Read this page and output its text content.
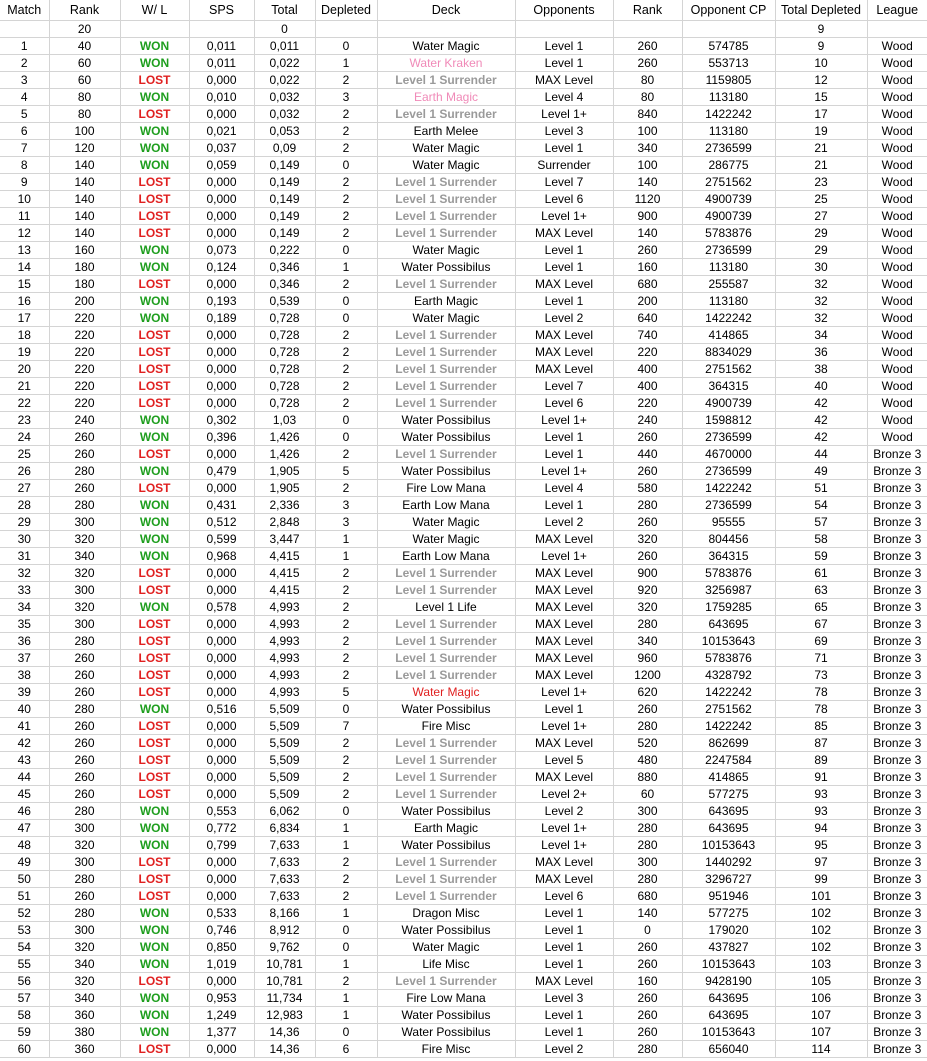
Match	Rank	W/ L	SPS	Total	Depleted	Deck	Opponents	Rank	Opponent CP	Total Depleted	League
	20			0						9	
1	40	WON	0,011	0,011	0	Water Magic	Level 1	260	574785	9	Wood
2	60	WON	0,011	0,022	1	Water Kraken	Level 1	260	553713	10	Wood
3	60	LOST	0,000	0,022	2	Level 1 Surrender	MAX Level	80	1159805	12	Wood
4	80	WON	0,010	0,032	3	Earth Magic	Level 4	80	113180	15	Wood
5	80	LOST	0,000	0,032	2	Level 1 Surrender	Level 1+	840	1422242	17	Wood
6	100	WON	0,021	0,053	2	Earth Melee	Level 3	100	113180	19	Wood
7	120	WON	0,037	0,09	2	Water Magic	Level 1	340	2736599	21	Wood
8	140	WON	0,059	0,149	0	Water Magic	Surrender	100	286775	21	Wood
9	140	LOST	0,000	0,149	2	Level 1 Surrender	Level 7	140	2751562	23	Wood
10	140	LOST	0,000	0,149	2	Level 1 Surrender	Level 6	1120	4900739	25	Wood
11	140	LOST	0,000	0,149	2	Level 1 Surrender	Level 1+	900	4900739	27	Wood
12	140	LOST	0,000	0,149	2	Level 1 Surrender	MAX Level	140	5783876	29	Wood
13	160	WON	0,073	0,222	0	Water Magic	Level 1	260	2736599	29	Wood
14	180	WON	0,124	0,346	1	Water Possibilus	Level 1	160	113180	30	Wood
15	180	LOST	0,000	0,346	2	Level 1 Surrender	MAX Level	680	255587	32	Wood
16	200	WON	0,193	0,539	0	Earth Magic	Level 1	200	113180	32	Wood
17	220	WON	0,189	0,728	0	Water Magic	Level 2	640	1422242	32	Wood
18	220	LOST	0,000	0,728	2	Level 1 Surrender	MAX Level	740	414865	34	Wood
19	220	LOST	0,000	0,728	2	Level 1 Surrender	MAX Level	220	8834029	36	Wood
20	220	LOST	0,000	0,728	2	Level 1 Surrender	MAX Level	400	2751562	38	Wood
21	220	LOST	0,000	0,728	2	Level 1 Surrender	Level 7	400	364315	40	Wood
22	220	LOST	0,000	0,728	2	Level 1 Surrender	Level 6	220	4900739	42	Wood
23	240	WON	0,302	1,03	0	Water Possibilus	Level 1+	240	1598812	42	Wood
24	260	WON	0,396	1,426	0	Water Possibilus	Level 1	260	2736599	42	Wood
25	260	LOST	0,000	1,426	2	Level 1 Surrender	Level 1	440	4670000	44	Bronze 3
26	280	WON	0,479	1,905	5	Water Possibilus	Level 1+	260	2736599	49	Bronze 3
27	260	LOST	0,000	1,905	2	Fire Low Mana	Level 4	580	1422242	51	Bronze 3
28	280	WON	0,431	2,336	3	Earth Low Mana	Level 1	280	2736599	54	Bronze 3
29	300	WON	0,512	2,848	3	Water Magic	Level 2	260	95555	57	Bronze 3
30	320	WON	0,599	3,447	1	Water Magic	MAX Level	320	804456	58	Bronze 3
31	340	WON	0,968	4,415	1	Earth Low Mana	Level 1+	260	364315	59	Bronze 3
32	320	LOST	0,000	4,415	2	Level 1 Surrender	MAX Level	900	5783876	61	Bronze 3
33	300	LOST	0,000	4,415	2	Level 1 Surrender	MAX Level	920	3256987	63	Bronze 3
34	320	WON	0,578	4,993	2	Level 1 Life	MAX Level	320	1759285	65	Bronze 3
35	300	LOST	0,000	4,993	2	Level 1 Surrender	MAX Level	280	643695	67	Bronze 3
36	280	LOST	0,000	4,993	2	Level 1 Surrender	MAX Level	340	10153643	69	Bronze 3
37	260	LOST	0,000	4,993	2	Level 1 Surrender	MAX Level	960	5783876	71	Bronze 3
38	260	LOST	0,000	4,993	2	Level 1 Surrender	MAX Level	1200	4328792	73	Bronze 3
39	260	LOST	0,000	4,993	5	Water Magic	Level 1+	620	1422242	78	Bronze 3
40	280	WON	0,516	5,509	0	Water Possibilus	Level 1	260	2751562	78	Bronze 3
41	260	LOST	0,000	5,509	7	Fire Misc	Level 1+	280	1422242	85	Bronze 3
42	260	LOST	0,000	5,509	2	Level 1 Surrender	MAX Level	520	862699	87	Bronze 3
43	260	LOST	0,000	5,509	2	Level 1 Surrender	Level 5	480	2247584	89	Bronze 3
44	260	LOST	0,000	5,509	2	Level 1 Surrender	MAX Level	880	414865	91	Bronze 3
45	260	LOST	0,000	5,509	2	Level 1 Surrender	Level 2+	60	577275	93	Bronze 3
46	280	WON	0,553	6,062	0	Water Possibilus	Level 2	300	643695	93	Bronze 3
47	300	WON	0,772	6,834	1	Earth Magic	Level 1+	280	643695	94	Bronze 3
48	320	WON	0,799	7,633	1	Water Possibilus	Level 1+	280	10153643	95	Bronze 3
49	300	LOST	0,000	7,633	2	Level 1 Surrender	MAX Level	300	1440292	97	Bronze 3
50	280	LOST	0,000	7,633	2	Level 1 Surrender	MAX Level	280	3296727	99	Bronze 3
51	260	LOST	0,000	7,633	2	Level 1 Surrender	Level 6	680	951946	101	Bronze 3
52	280	WON	0,533	8,166	1	Dragon Misc	Level 1	140	577275	102	Bronze 3
53	300	WON	0,746	8,912	0	Water Possibilus	Level 1	0	179020	102	Bronze 3
54	320	WON	0,850	9,762	0	Water Magic	Level 1	260	437827	102	Bronze 3
55	340	WON	1,019	10,781	1	Life Misc	Level 1	260	10153643	103	Bronze 3
56	320	LOST	0,000	10,781	2	Level 1 Surrender	MAX Level	160	9428190	105	Bronze 3
57	340	WON	0,953	11,734	1	Fire Low Mana	Level 3	260	643695	106	Bronze 3
58	360	WON	1,249	12,983	1	Water Possibilus	Level 1	260	643695	107	Bronze 3
59	380	WON	1,377	14,36	0	Water Possibilus	Level 1	260	10153643	107	Bronze 3
60	360	LOST	0,000	14,36	6	Fire Misc	Level 2	280	656040	114	Bronze 3
